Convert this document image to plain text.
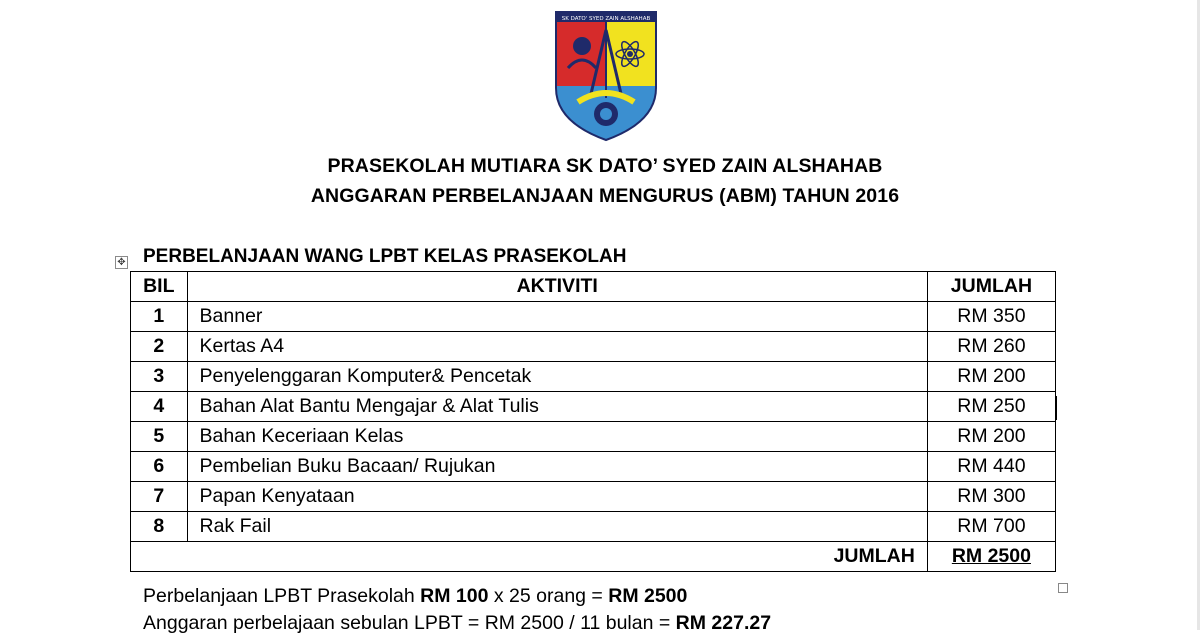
SK DATO' SYED ZAIN ALSHAHAB
PRASEKOLAH MUTIARA SK DATO’ SYED ZAIN ALSHAHAB
ANGGARAN PERBELANJAAN MENGURUS (ABM) TAHUN 2016
✥ PERBELANJAAN WANG LPBT KELAS PRASEKOLAH
BIL	AKTIVITI	JUMLAH
1	Banner	RM 350
2	Kertas A4	RM 260
3	Penyelenggaran Komputer& Pencetak	RM 200
4	Bahan Alat Bantu Mengajar & Alat Tulis	RM 250
5	Bahan Keceriaan Kelas	RM 200
6	Pembelian Buku Bacaan/ Rujukan	RM 440
7	Papan Kenyataan	RM 300
8	Rak Fail	RM 700
JUMLAH		RM 2500
Perbelanjaan LPBT Prasekolah RM 100 x 25 orang = RM 2500
Anggaran perbelajaan sebulan LPBT = RM 2500 / 11 bulan = RM 227.27
